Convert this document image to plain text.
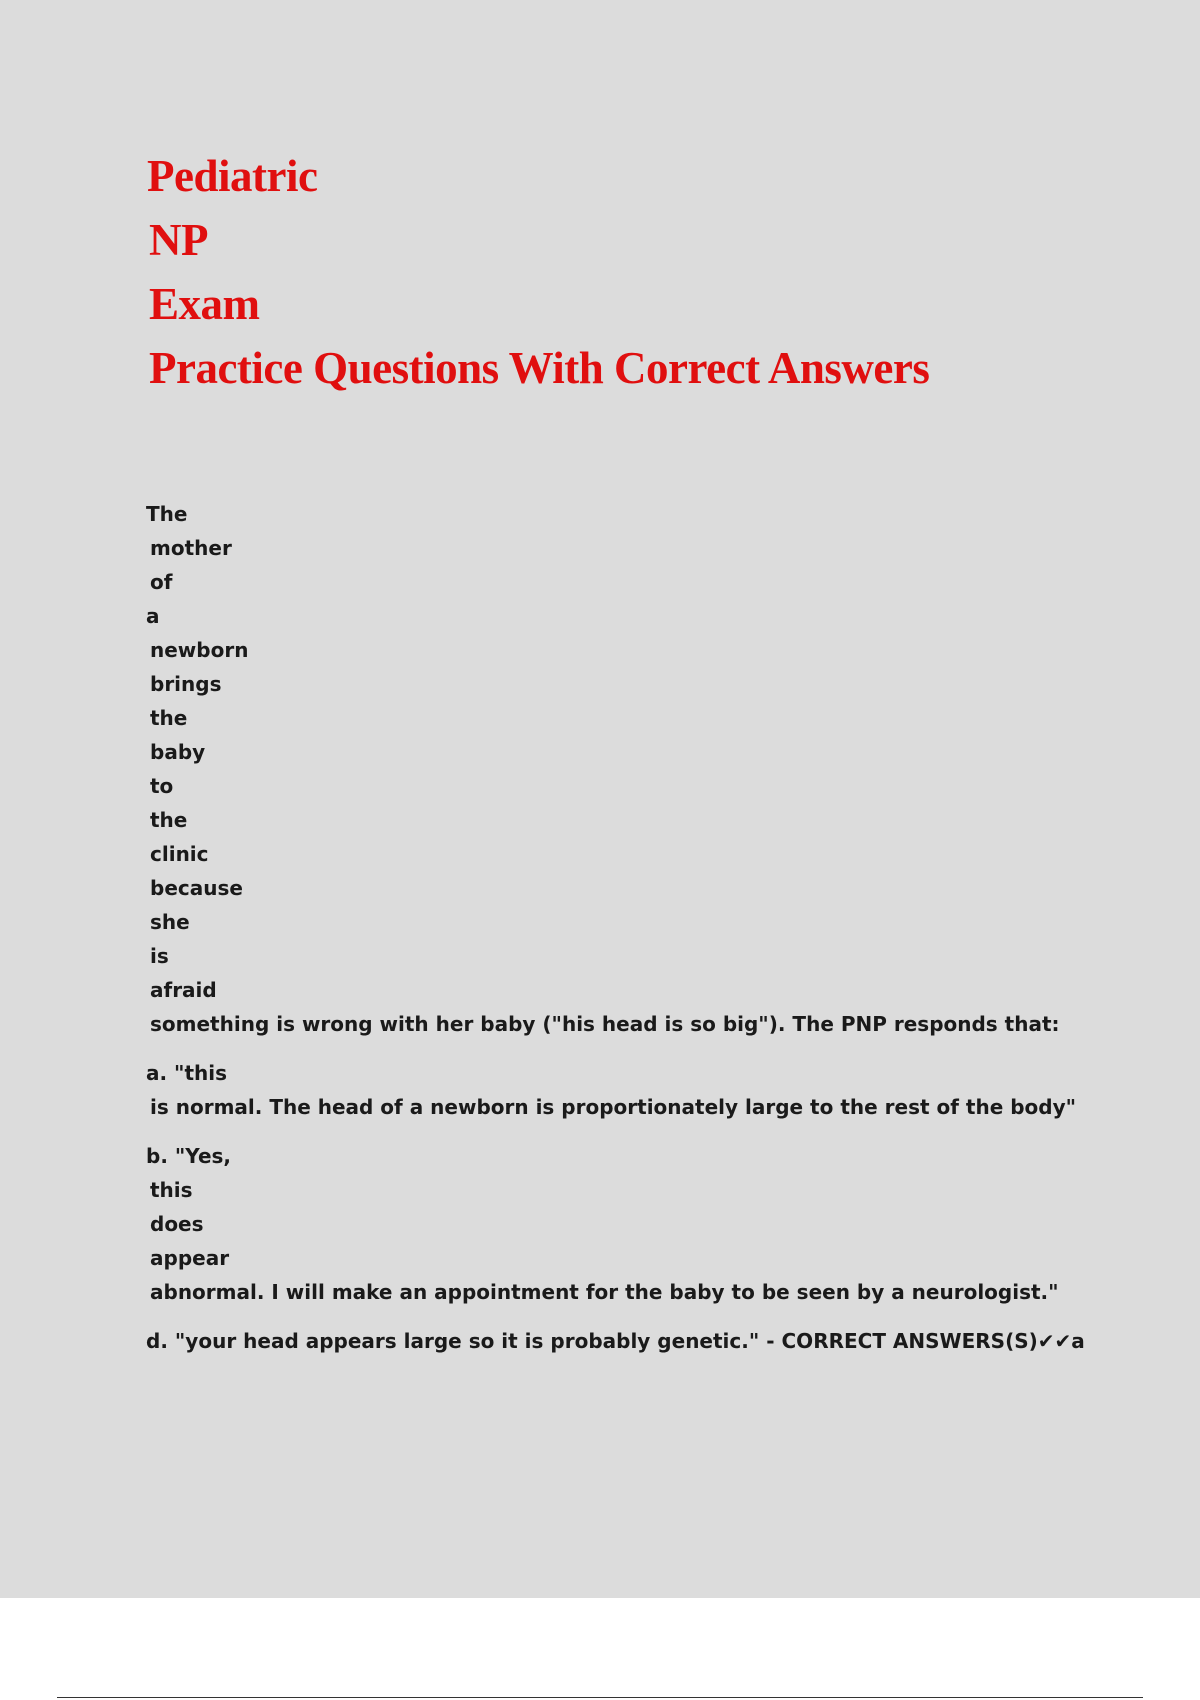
Pediatric
NP
Exam
Practice Questions With Correct Answers
The
mother
of
a
newborn
brings
the
baby
to
the
clinic
because
she
is
afraid
something is wrong with her baby ("his head is so big"). The PNP responds that:
a. "this
is normal. The head of a newborn is proportionately large to the rest of the body"
b. "Yes,
this
does
appear
abnormal. I will make an appointment for the baby to be seen by a neurologist."
d. "your head appears large so it is probably genetic." - CORRECT ANSWERS(S)✔✔a
